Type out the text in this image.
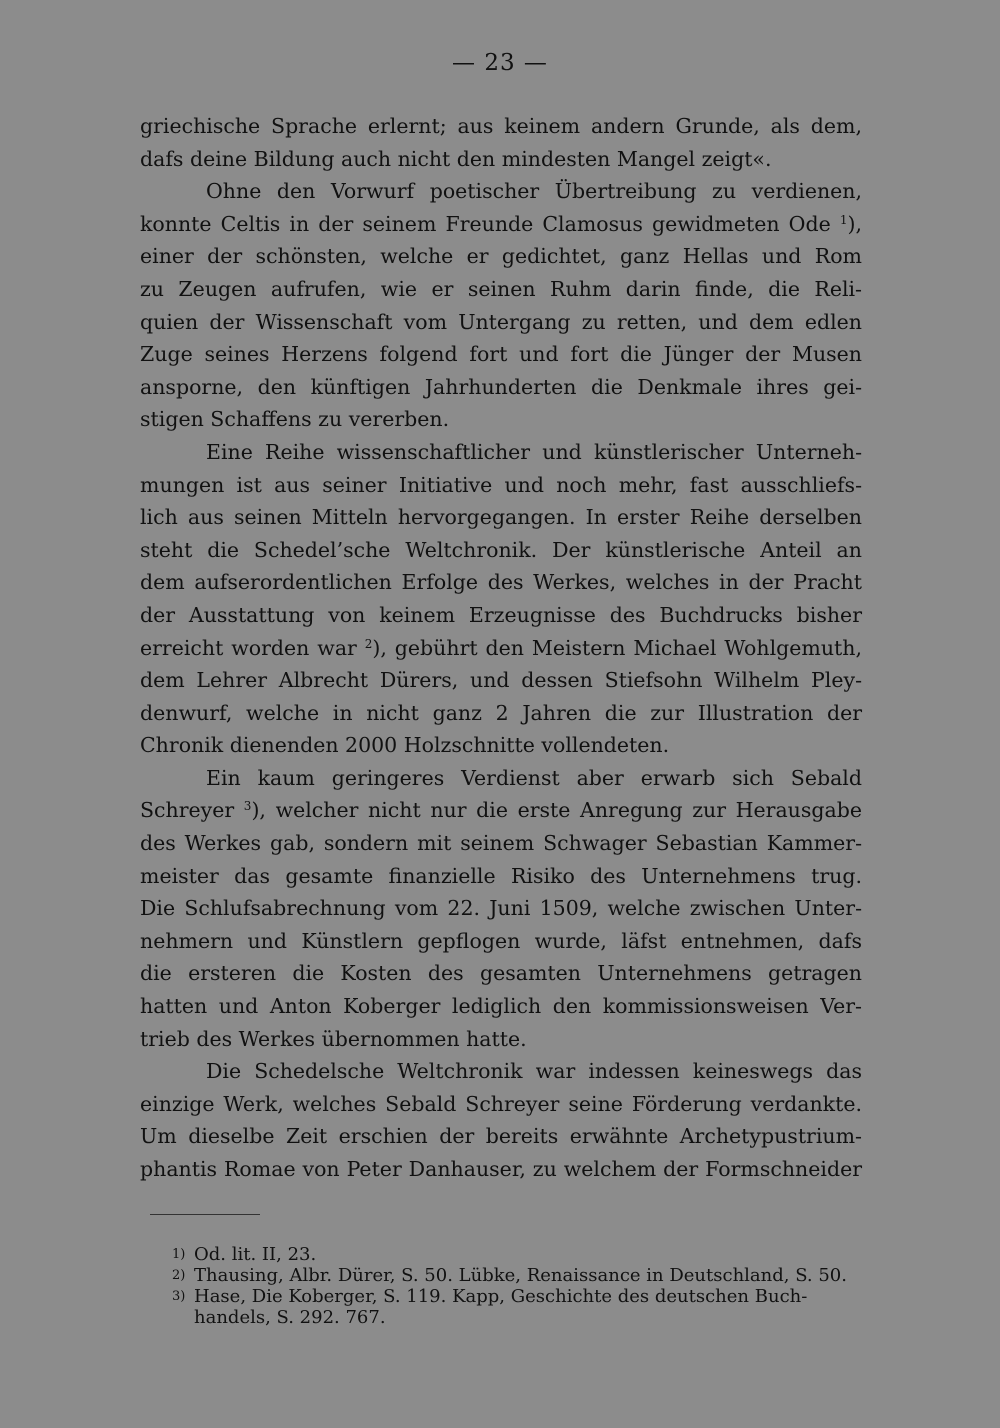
— 23 —
griechische Sprache erlernt; aus keinem andern Grunde, als dem,
dafs deine Bildung auch nicht den mindesten Mangel zeigt«.
Ohne den Vorwurf poetischer Übertreibung zu verdienen,
konnte Celtis in der seinem Freunde Clamosus gewidmeten Ode $^1$),
einer der schönsten, welche er gedichtet, ganz Hellas und Rom
zu Zeugen aufrufen, wie er seinen Ruhm darin finde, die Reli-
quien der Wissenschaft vom Untergang zu retten, und dem edlen
Zuge seines Herzens folgend fort und fort die Jünger der Musen
ansporne, den künftigen Jahrhunderten die Denkmale ihres gei-
stigen Schaffens zu vererben.
Eine Reihe wissenschaftlicher und künstlerischer Unterneh-
mungen ist aus seiner Initiative und noch mehr, fast ausschliefs-
lich aus seinen Mitteln hervorgegangen. In erster Reihe derselben
steht die Schedel’sche Weltchronik. Der künstlerische Anteil an
dem aufserordentlichen Erfolge des Werkes, welches in der Pracht
der Ausstattung von keinem Erzeugnisse des Buchdrucks bisher
erreicht worden war $^2$), gebührt den Meistern Michael Wohlgemuth,
dem Lehrer Albrecht Dürers, und dessen Stiefsohn Wilhelm Pley-
denwurf, welche in nicht ganz 2 Jahren die zur Illustration der
Chronik dienenden 2000 Holzschnitte vollendeten.
Ein kaum geringeres Verdienst aber erwarb sich Sebald
Schreyer $^3$), welcher nicht nur die erste Anregung zur Herausgabe
des Werkes gab, sondern mit seinem Schwager Sebastian Kammer-
meister das gesamte finanzielle Risiko des Unternehmens trug.
Die Schlufsabrechnung vom 22. Juni 1509, welche zwischen Unter-
nehmern und Künstlern gepflogen wurde, läfst entnehmen, dafs
die ersteren die Kosten des gesamten Unternehmens getragen
hatten und Anton Koberger lediglich den kommissionsweisen Ver-
trieb des Werkes übernommen hatte.
Die Schedelsche Weltchronik war indessen keineswegs das
einzige Werk, welches Sebald Schreyer seine Förderung verdankte.
Um dieselbe Zeit erschien der bereits erwähnte Archetypustrium-
phantis Romae von Peter Danhauser, zu welchem der Formschneider
1) Od. lit. II, 23.
2) Thausing, Albr. Dürer, S. 50. Lübke, Renaissance in Deutschland, S. 50.
3) Hase, Die Koberger, S. 119. Kapp, Geschichte des deutschen Buch-
handels, S. 292. 767.
